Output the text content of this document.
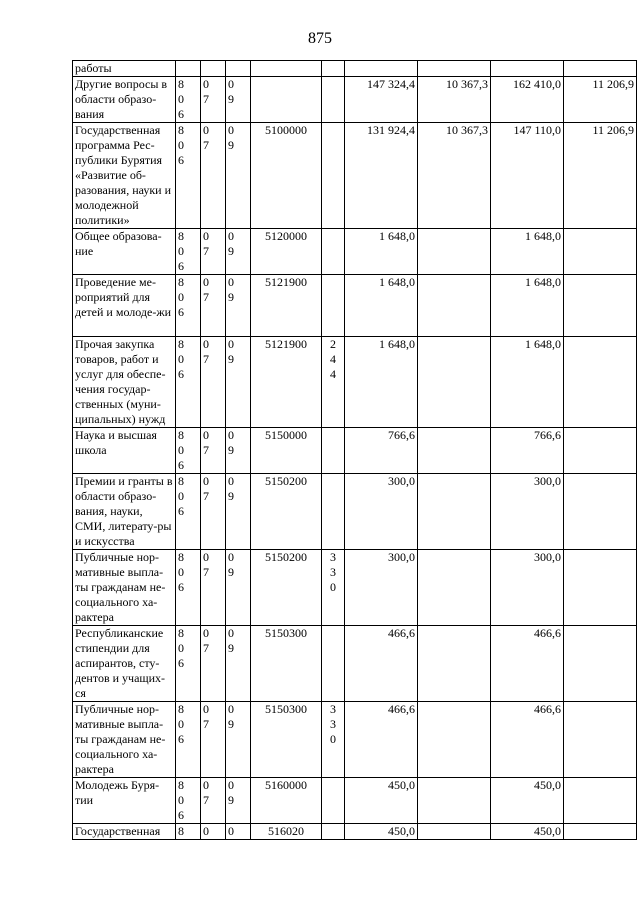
875
работы	

Другие вопросы в области образо-вания	806	07	09			147 324,4	10 367,3	162 410,0	11 206,9
Государственная программа Рес-публики Бурятия «Развитие об-разования, науки и молодежной политики»	806	07	09	5100000		131 924,4	10 367,3	147 110,0	11 206,9
Общее образова-ние	806	07	09	5120000		1 648,0		1 648,0	
Проведение ме-роприятий для детей и молоде-жи	806	07	09	5121900		1 648,0		1 648,0	
Прочая закупка товаров, работ и услуг для обеспе-чения государ-ственных (муни-ципальных) нужд	806	07	09	5121900	244	1 648,0		1 648,0	
Наука и высшая школа	806	07	09	5150000		766,6		766,6	
Премии и гранты в области образо-вания, науки, СМИ, литерату-ры и искусства	806	07	09	5150200		300,0		300,0	
Публичные нор-мативные выпла-ты гражданам не-социального ха-рактера	806	07	09	5150200	330	300,0		300,0	
Республиканские стипендии для аспирантов, сту-дентов и учащих-ся	806	07	09	5150300		466,6		466,6	
Публичные нор-мативные выпла-ты гражданам не-социального ха-рактера	806	07	09	5150300	330	466,6		466,6	
Молодежь Буря-тии	806	07	09	5160000		450,0		450,0	
Государственная	8	0	0	516020		450,0		450,0	
